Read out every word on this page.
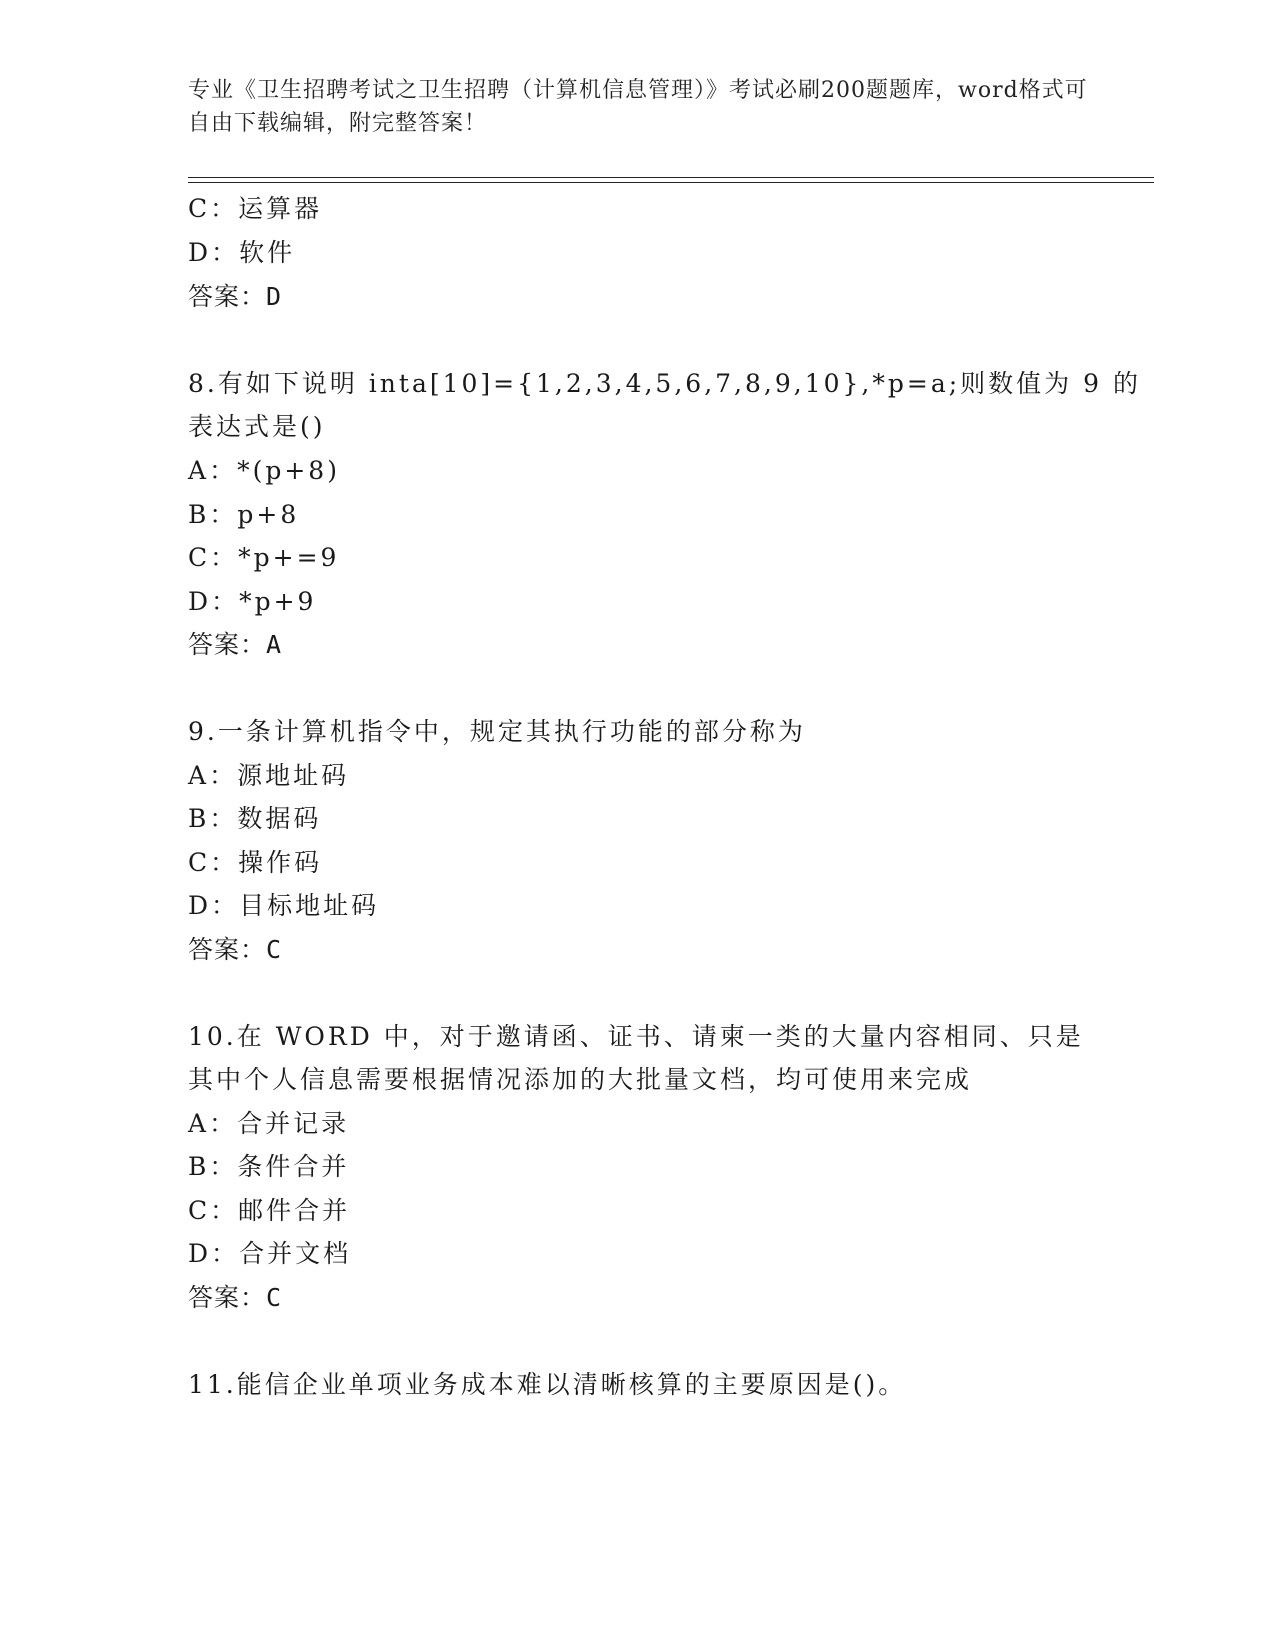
专业《卫生招聘考试之卫生招聘（计算机信息管理）》考试必刷200题题库，word格式可自由下载编辑，附完整答案！
C：运算器
D：软件
答案：D
8.有如下说明 inta[10]={1,2,3,4,5,6,7,8,9,10},*p=a;则数值为 9 的
表达式是()
A：*(p+8)
B：p+8
C：*p+=9
D：*p+9
答案：A
9.一条计算机指令中，规定其执行功能的部分称为
A：源地址码
B：数据码
C：操作码
D：目标地址码
答案：C
10.在 WORD 中，对于邀请函、证书、请柬一类的大量内容相同、只是
其中个人信息需要根据情况添加的大批量文档，均可使用来完成
A：合并记录
B：条件合并
C：邮件合并
D：合并文档
答案：C
11.能信企业单项业务成本难以清晰核算的主要原因是()。
